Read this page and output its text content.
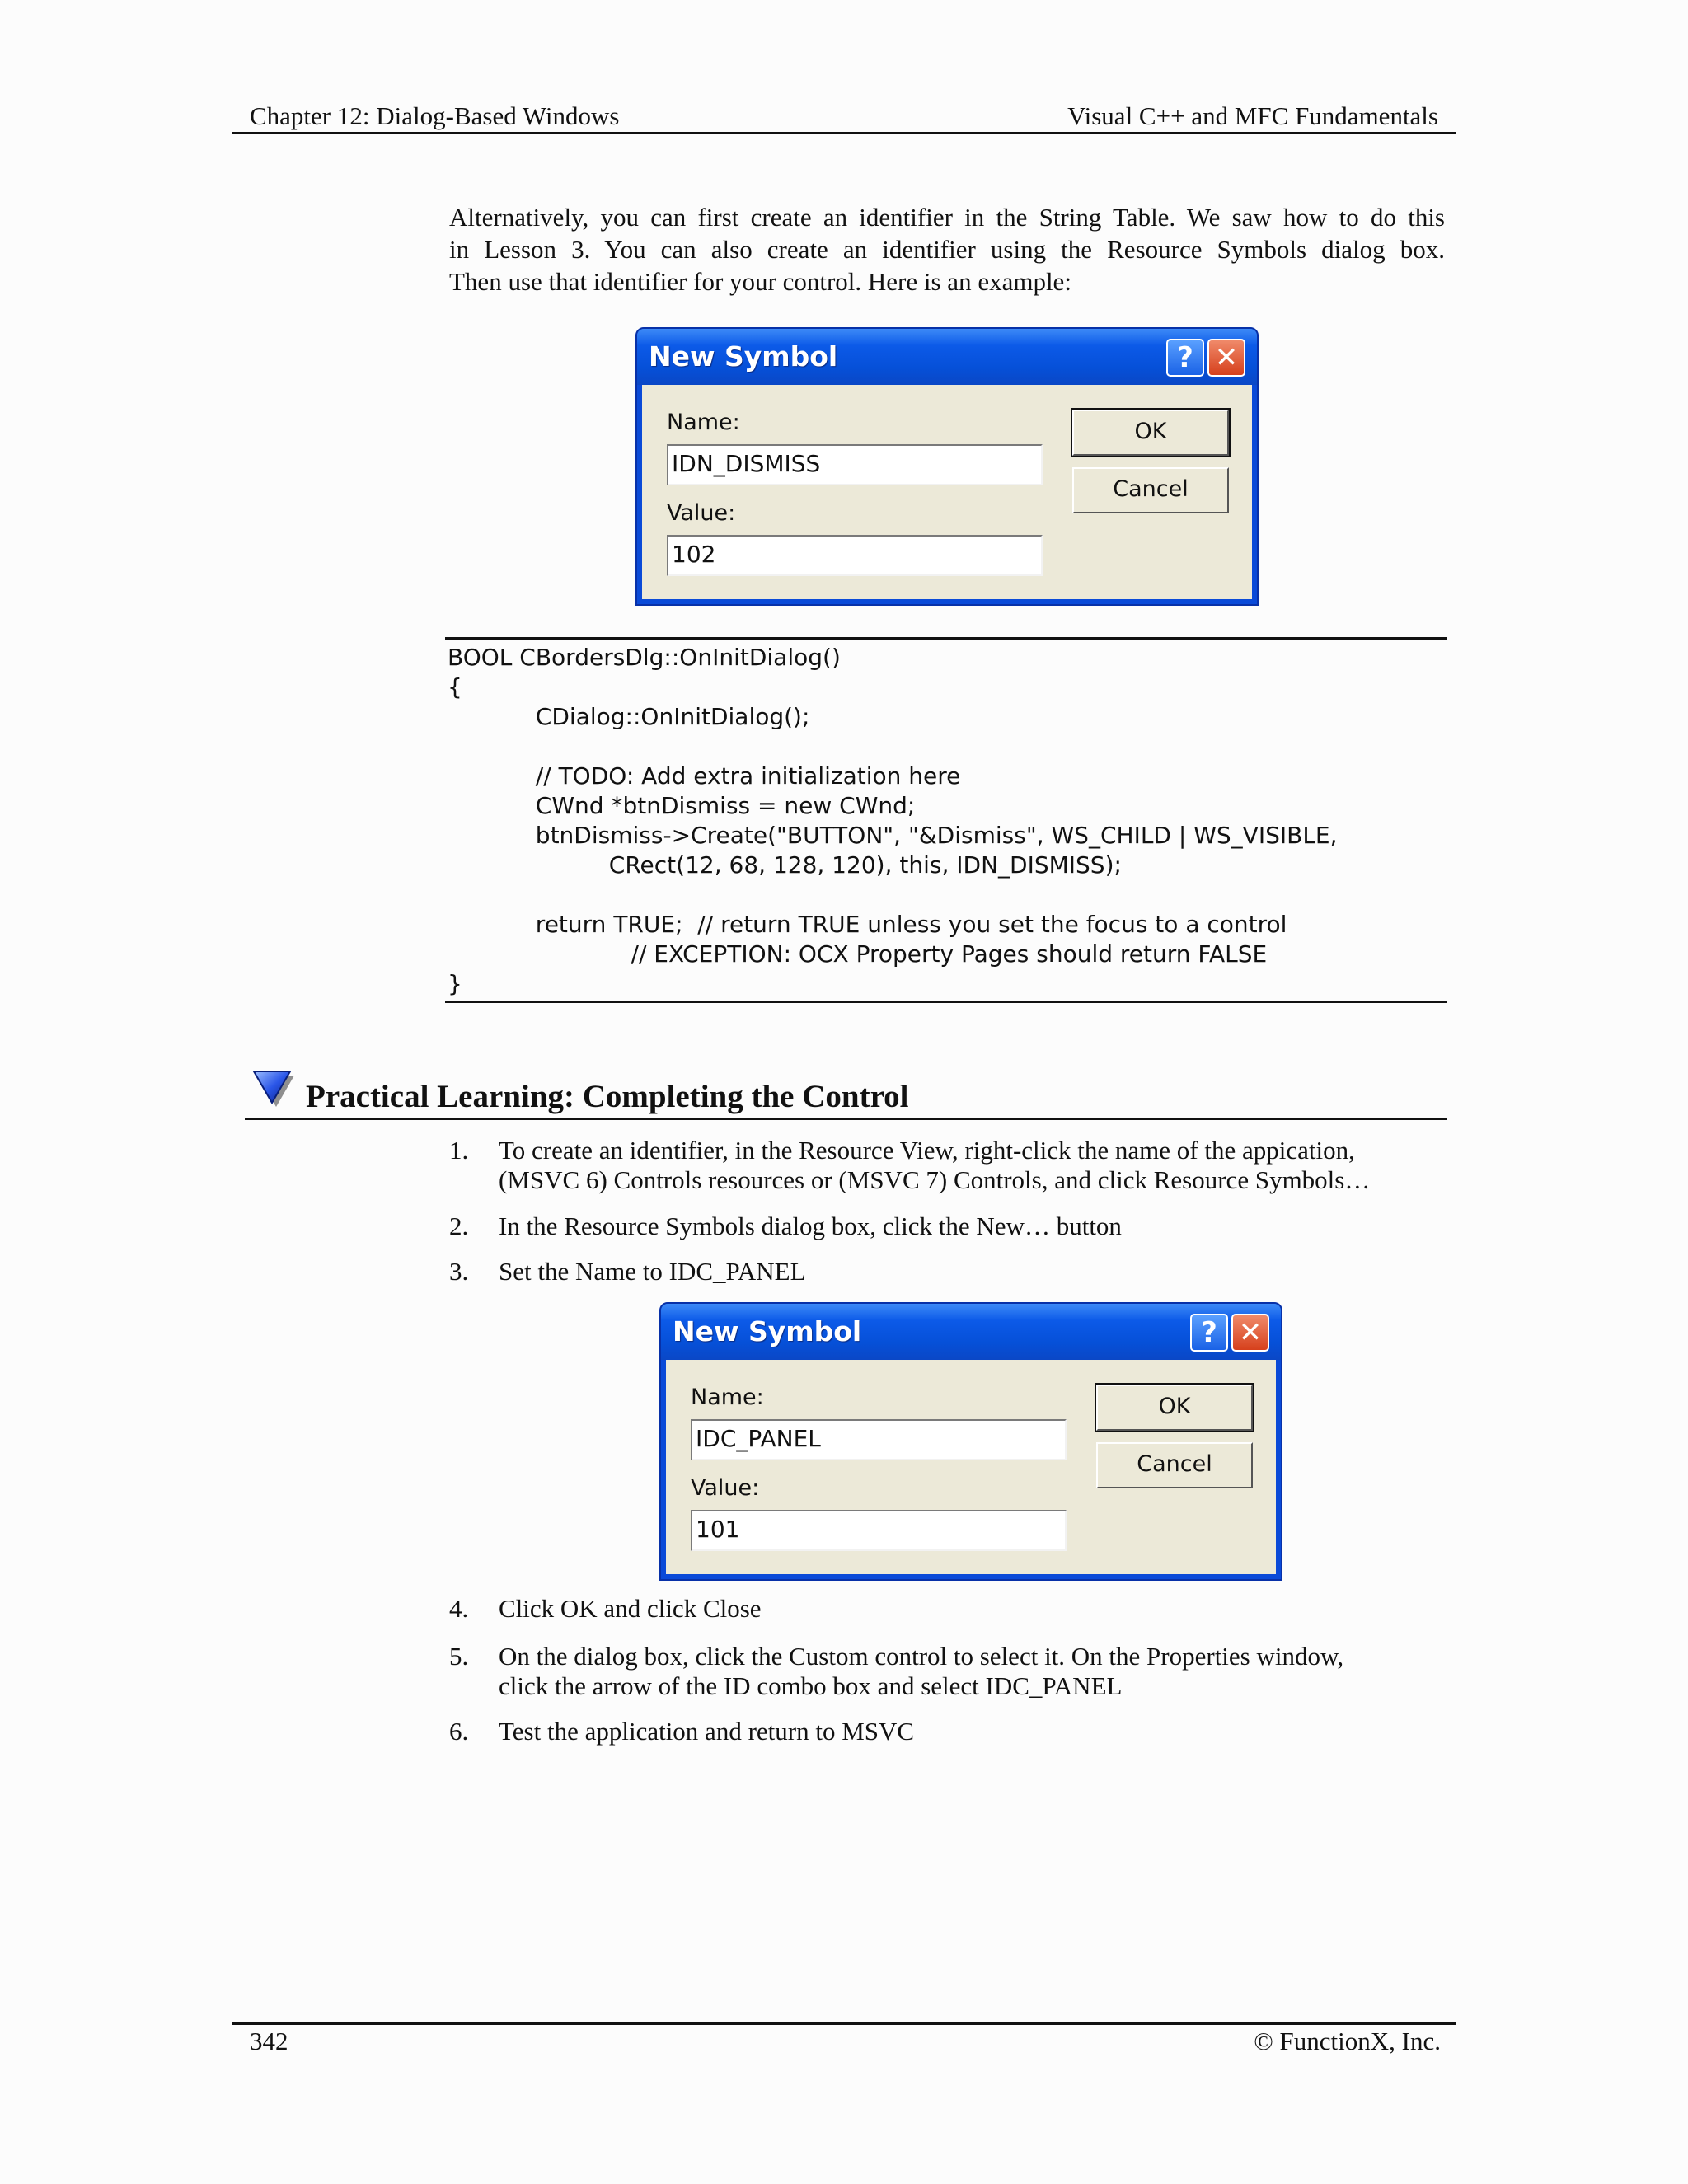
Chapter 12: Dialog-Based Windows	Visual C++ and MFC Fundamentals
Alternatively, you can first create an identifier in the String Table. We saw how to do this
in Lesson 3. You can also create an identifier using the Resource Symbols dialog box.
Then use that identifier for your control. Here is an example:
New Symbol	? ✕
Name:
IDN_DISMISS
Value:
102
OK
Cancel
BOOL CBordersDlg::OnInitDialog()
{
CDialog::OnInitDialog();
// TODO: Add extra initialization here
CWnd *btnDismiss = new CWnd;
btnDismiss->Create("BUTTON", "&Dismiss", WS_CHILD | WS_VISIBLE,
CRect(12, 68, 128, 120), this, IDN_DISMISS);
return TRUE;  // return TRUE unless you set the focus to a control
// EXCEPTION: OCX Property Pages should return FALSE
}
Practical Learning: Completing the Control
1. To create an identifier, in the Resource View, right-click the name of the appication,
(MSVC 6) Controls resources or (MSVC 7) Controls, and click Resource Symbols…
2. In the Resource Symbols dialog box, click the New… button
3. Set the Name to IDC_PANEL
New Symbol	? ✕
Name:
IDC_PANEL
Value:
101
OK
Cancel
4. Click OK and click Close
5. On the dialog box, click the Custom control to select it. On the Properties window,
click the arrow of the ID combo box and select IDC_PANEL
6. Test the application and return to MSVC
342	© FunctionX, Inc.
